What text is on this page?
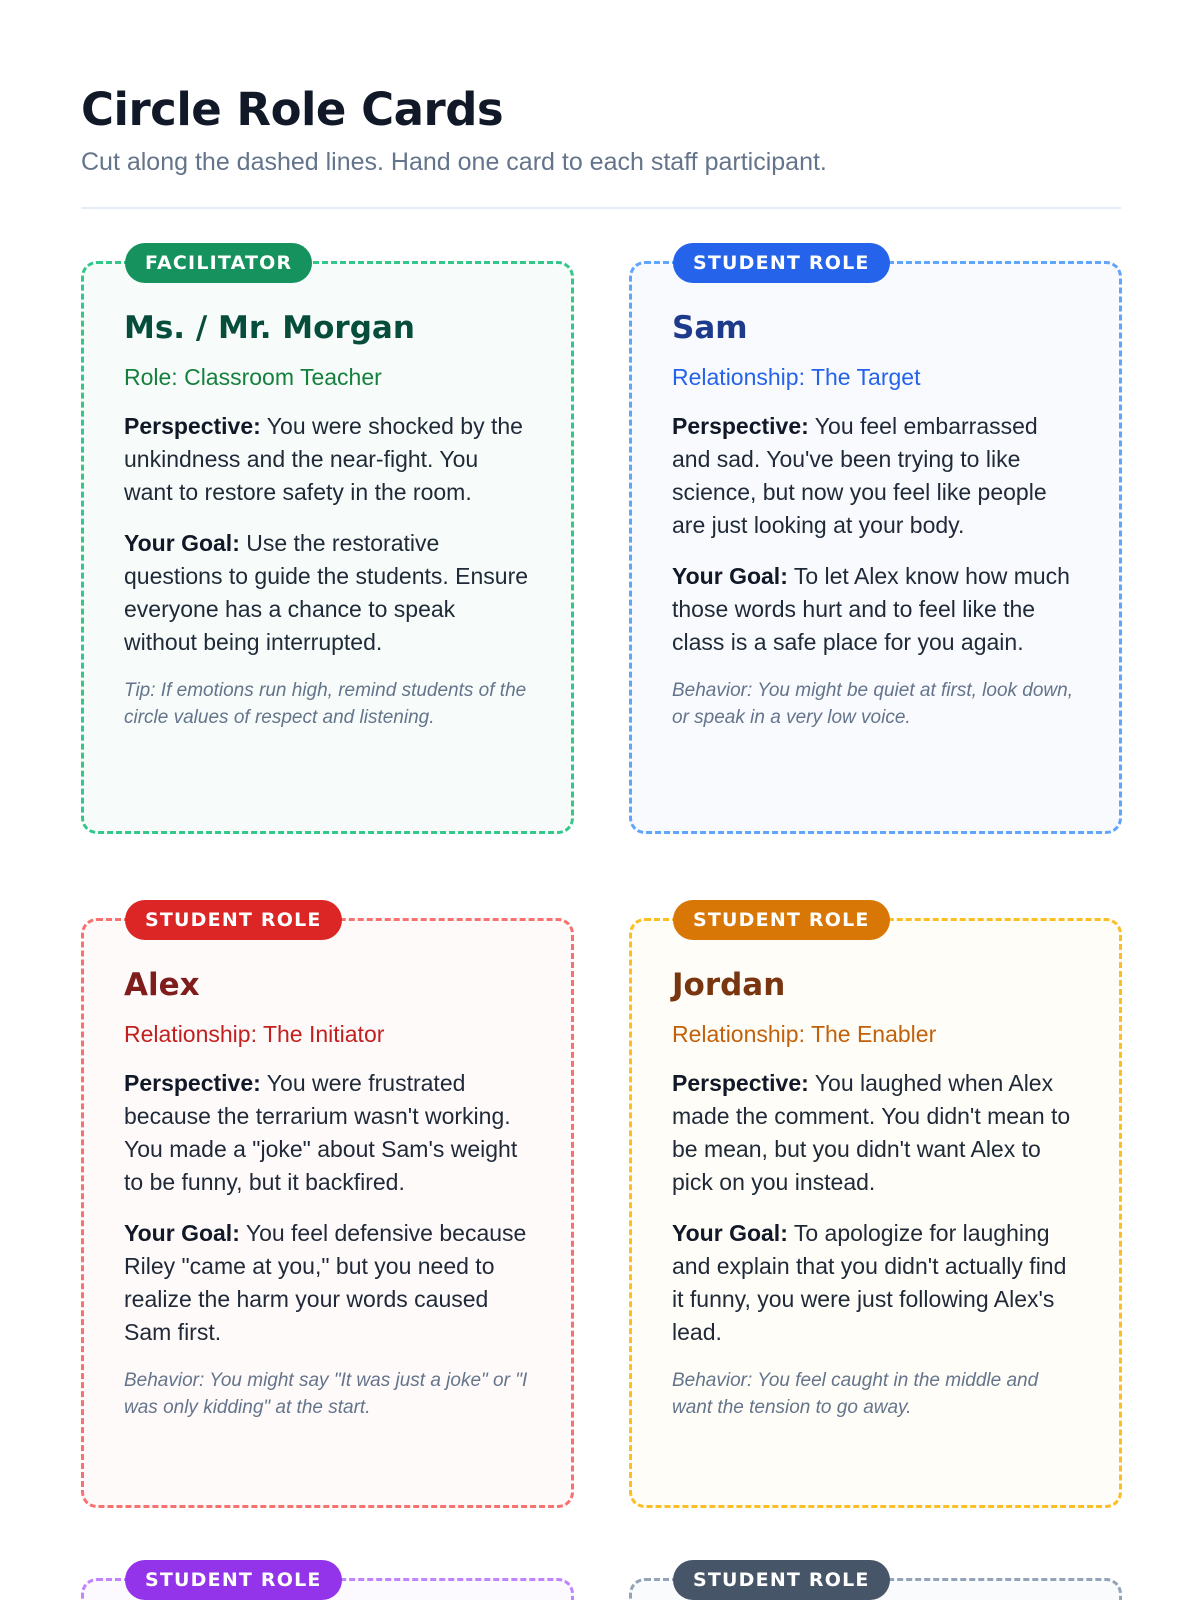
Circle Role Cards
Cut along the dashed lines. Hand one card to each staff participant.
FACILITATOR
Ms. / Mr. Morgan
Role: Classroom Teacher
Perspective: You were shocked by the unkindness and the near-fight. You want to restore safety in the room.
Your Goal: Use the restorative questions to guide the students. Ensure everyone has a chance to speak without being interrupted.
Tip: If emotions run high, remind students of the circle values of respect and listening.
STUDENT ROLE
Sam
Relationship: The Target
Perspective: You feel embarrassed and sad. You've been trying to like science, but now you feel like people are just looking at your body.
Your Goal: To let Alex know how much those words hurt and to feel like the class is a safe place for you again.
Behavior: You might be quiet at first, look down, or speak in a very low voice.
STUDENT ROLE
Alex
Relationship: The Initiator
Perspective: You were frustrated because the terrarium wasn't working. You made a "joke" about Sam's weight to be funny, but it backfired.
Your Goal: You feel defensive because Riley "came at you," but you need to realize the harm your words caused Sam first.
Behavior: You might say "It was just a joke" or "I was only kidding" at the start.
STUDENT ROLE
Jordan
Relationship: The Enabler
Perspective: You laughed when Alex made the comment. You didn't mean to be mean, but you didn't want Alex to pick on you instead.
Your Goal: To apologize for laughing and explain that you didn't actually find it funny, you were just following Alex's lead.
Behavior: You feel caught in the middle and want the tension to go away.
STUDENT ROLE	STUDENT ROLE
